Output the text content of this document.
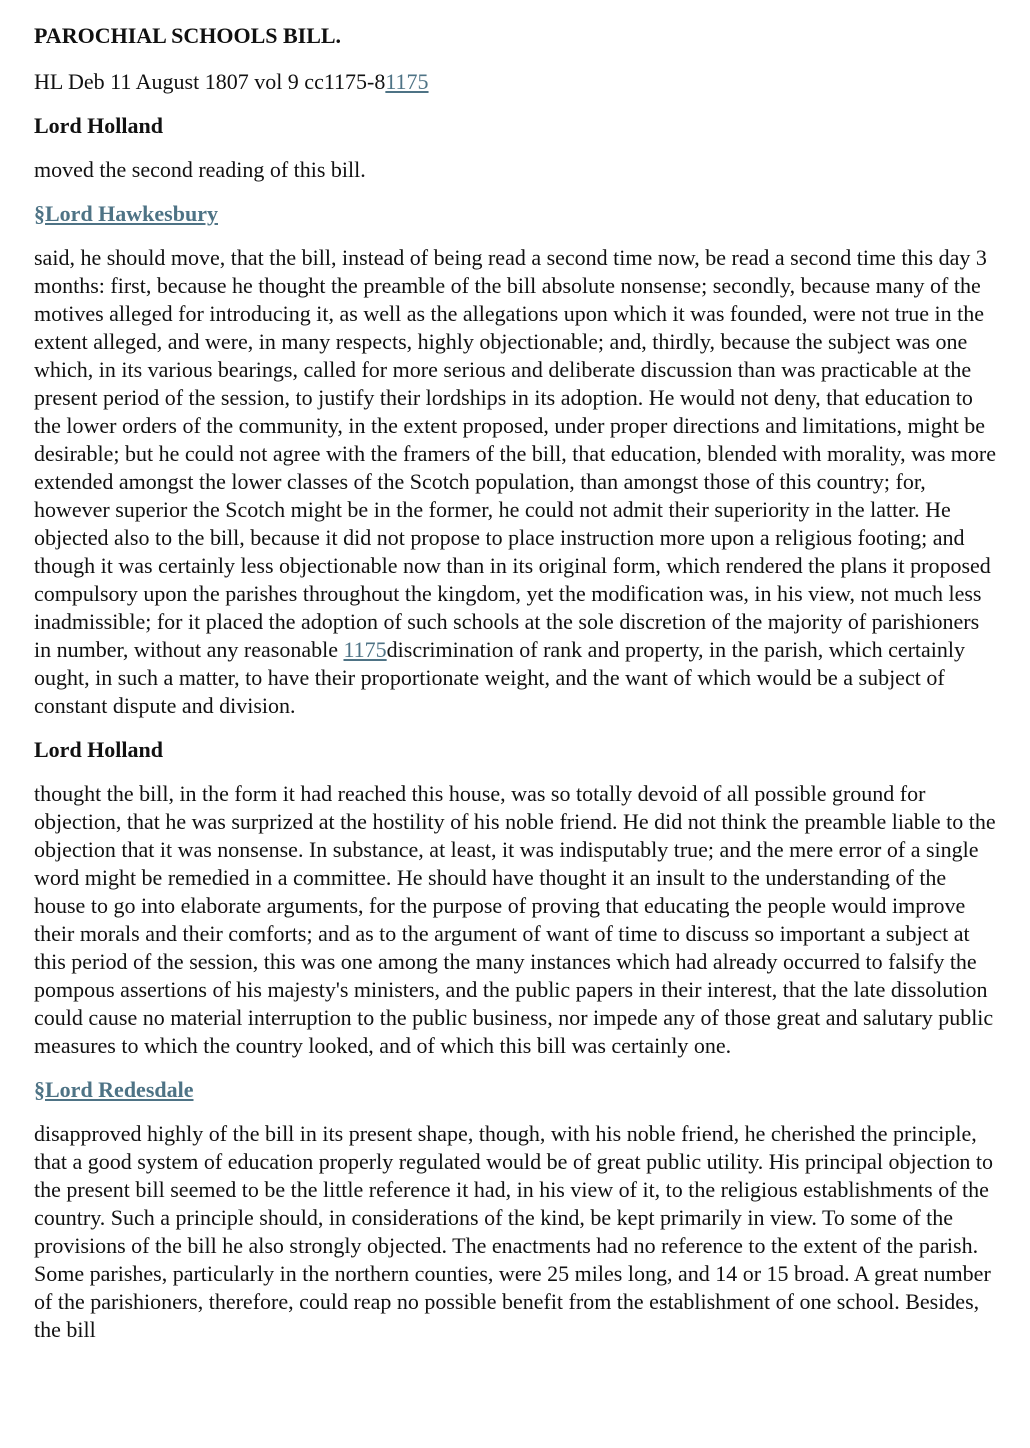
PAROCHIAL SCHOOLS BILL.

HL Deb 11 August 1807 vol 9 cc1175-81175

Lord Holland

moved the second reading of this bill.

§Lord Hawkesbury

said, he should move, that the bill, instead of being read a second time now, be read a second time this day 3 months: first, because he thought the preamble of the bill absolute nonsense; secondly, because many of the motives alleged for introducing it, as well as the allegations upon which it was founded, were not true in the extent alleged, and were, in many respects, highly objectionable; and, thirdly, because the subject was one which, in its various bearings, called for more serious and deliberate discussion than was practicable at the present period of the session, to justify their lordships in its adoption. He would not deny, that education to the lower orders of the community, in the extent proposed, under proper directions and limitations, might be desirable; but he could not agree with the framers of the bill, that education, blended with morality, was more extended amongst the lower classes of the Scotch population, than amongst those of this country; for, however superior the Scotch might be in the former, he could not admit their superiority in the latter. He objected also to the bill, because it did not propose to place instruction more upon a religious footing; and though it was certainly less objectionable now than in its original form, which rendered the plans it proposed compulsory upon the parishes throughout the kingdom, yet the modification was, in his view, not much less inadmissible; for it placed the adoption of such schools at the sole discretion of the majority of parishioners in number, without any reasonable 1175discrimination of rank and property, in the parish, which certainly ought, in such a matter, to have their proportionate weight, and the want of which would be a subject of constant dispute and division.

Lord Holland

thought the bill, in the form it had reached this house, was so totally devoid of all possible ground for objection, that he was surprized at the hostility of his noble friend. He did not think the preamble liable to the objection that it was nonsense. In substance, at least, it was indisputably true; and the mere error of a single word might be remedied in a committee. He should have thought it an insult to the understanding of the house to go into elaborate arguments, for the purpose of proving that educating the people would improve their morals and their comforts; and as to the argument of want of time to discuss so important a subject at this period of the session, this was one among the many instances which had already occurred to falsify the pompous assertions of his majesty's ministers, and the public papers in their interest, that the late dissolution could cause no material interruption to the public business, nor impede any of those great and salutary public measures to which the country looked, and of which this bill was certainly one.

§Lord Redesdale

disapproved highly of the bill in its present shape, though, with his noble friend, he cherished the principle, that a good system of education properly regulated would be of great public utility. His principal objection to the present bill seemed to be the little reference it had, in his view of it, to the religious establishments of the country. Such a principle should, in considerations of the kind, be kept primarily in view. To some of the provisions of the bill he also strongly objected. The enactments had no reference to the extent of the parish. Some parishes, particularly in the northern counties, were 25 miles long, and 14 or 15 broad. A great number of the parishioners, therefore, could reap no possible benefit from the establishment of one school. Besides, the bill
